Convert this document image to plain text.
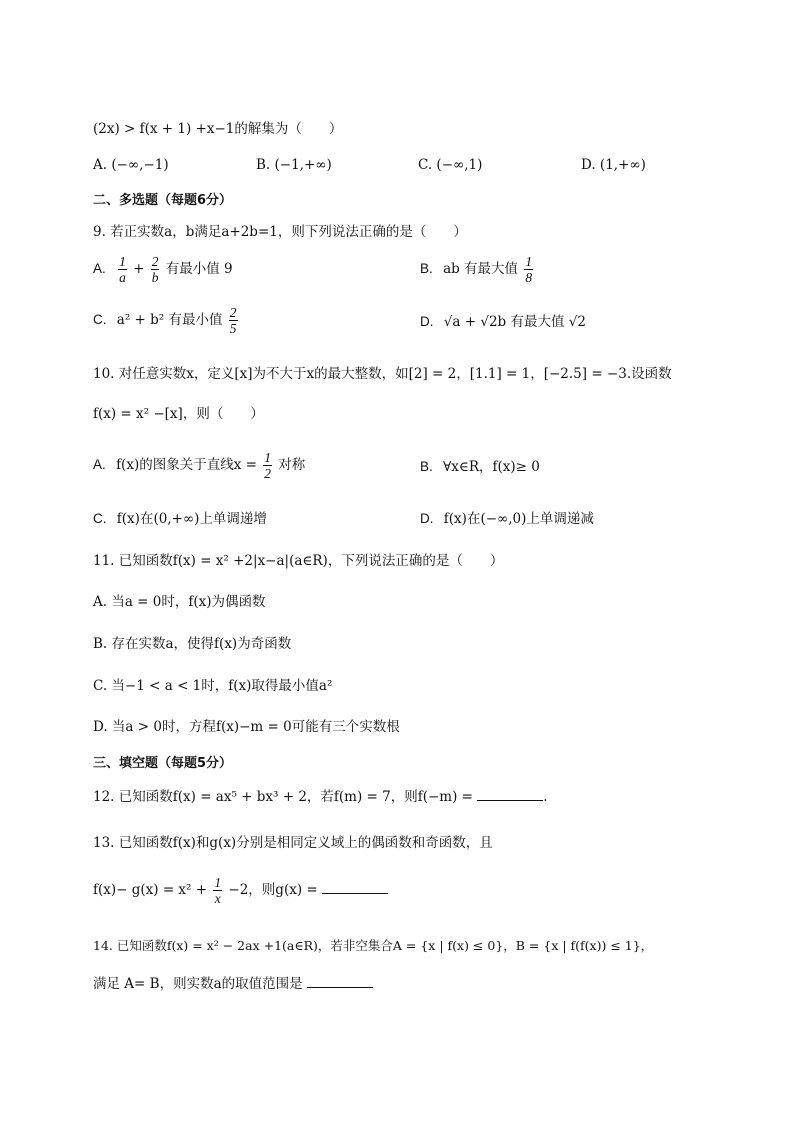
(2x) > f(x + 1) +x−1的解集为（　　）
A. (−∞,−1)	B. (−1,+∞)	C. (−∞,1)	D. (1,+∞)
二、多选题（每题6分）
9. 若正实数a，b满足a+2b=1，则下列说法正确的是（　　）
A. $\frac{1}{a} + \frac{2}{b}$ 有最小值 9	B. ab 有最大值 $\frac{1}{8}$
C. a² + b² 有最小值 $\frac{2}{5}$	D. √a + √2b 有最大值 √2
10. 对任意实数x，定义[x]为不大于x的最大整数，如[2] = 2，[1.1] = 1，[−2.5] = −3.设函数
f(x) = x² −[x]，则（　　）
A. f(x)的图象关于直线$x = \frac{1}{2}$ 对称	B. ∀x∈R，f(x)≥ 0
C. f(x)在(0,+∞)上单调递增	D. f(x)在(−∞,0)上单调递减
11. 已知函数f(x) = x² +2|x−a|(a∈R)，下列说法正确的是（　　）
A. 当a = 0时，f(x)为偶函数
B. 存在实数a，使得f(x)为奇函数
C. 当−1 < a < 1时，f(x)取得最小值a²
D. 当a > 0时，方程f(x)−m = 0可能有三个实数根
三、填空题（每题5分）
12. 已知函数f(x) = ax⁵ + bx³ + 2，若f(m) = 7，则f(−m) =	.
13. 已知函数f(x)和g(x)分别是相同定义域上的偶函数和奇函数，且
$f(x)- g(x) = x^2 + \frac{1}{x} -2$，则g(x) =
14. 已知函数f(x) = x² − 2ax +1(a∈R)，若非空集合A = {x | f(x) ≤ 0}，B = {x | f(f(x)) ≤ 1}，
满足 A= B，则实数a的取值范围是
